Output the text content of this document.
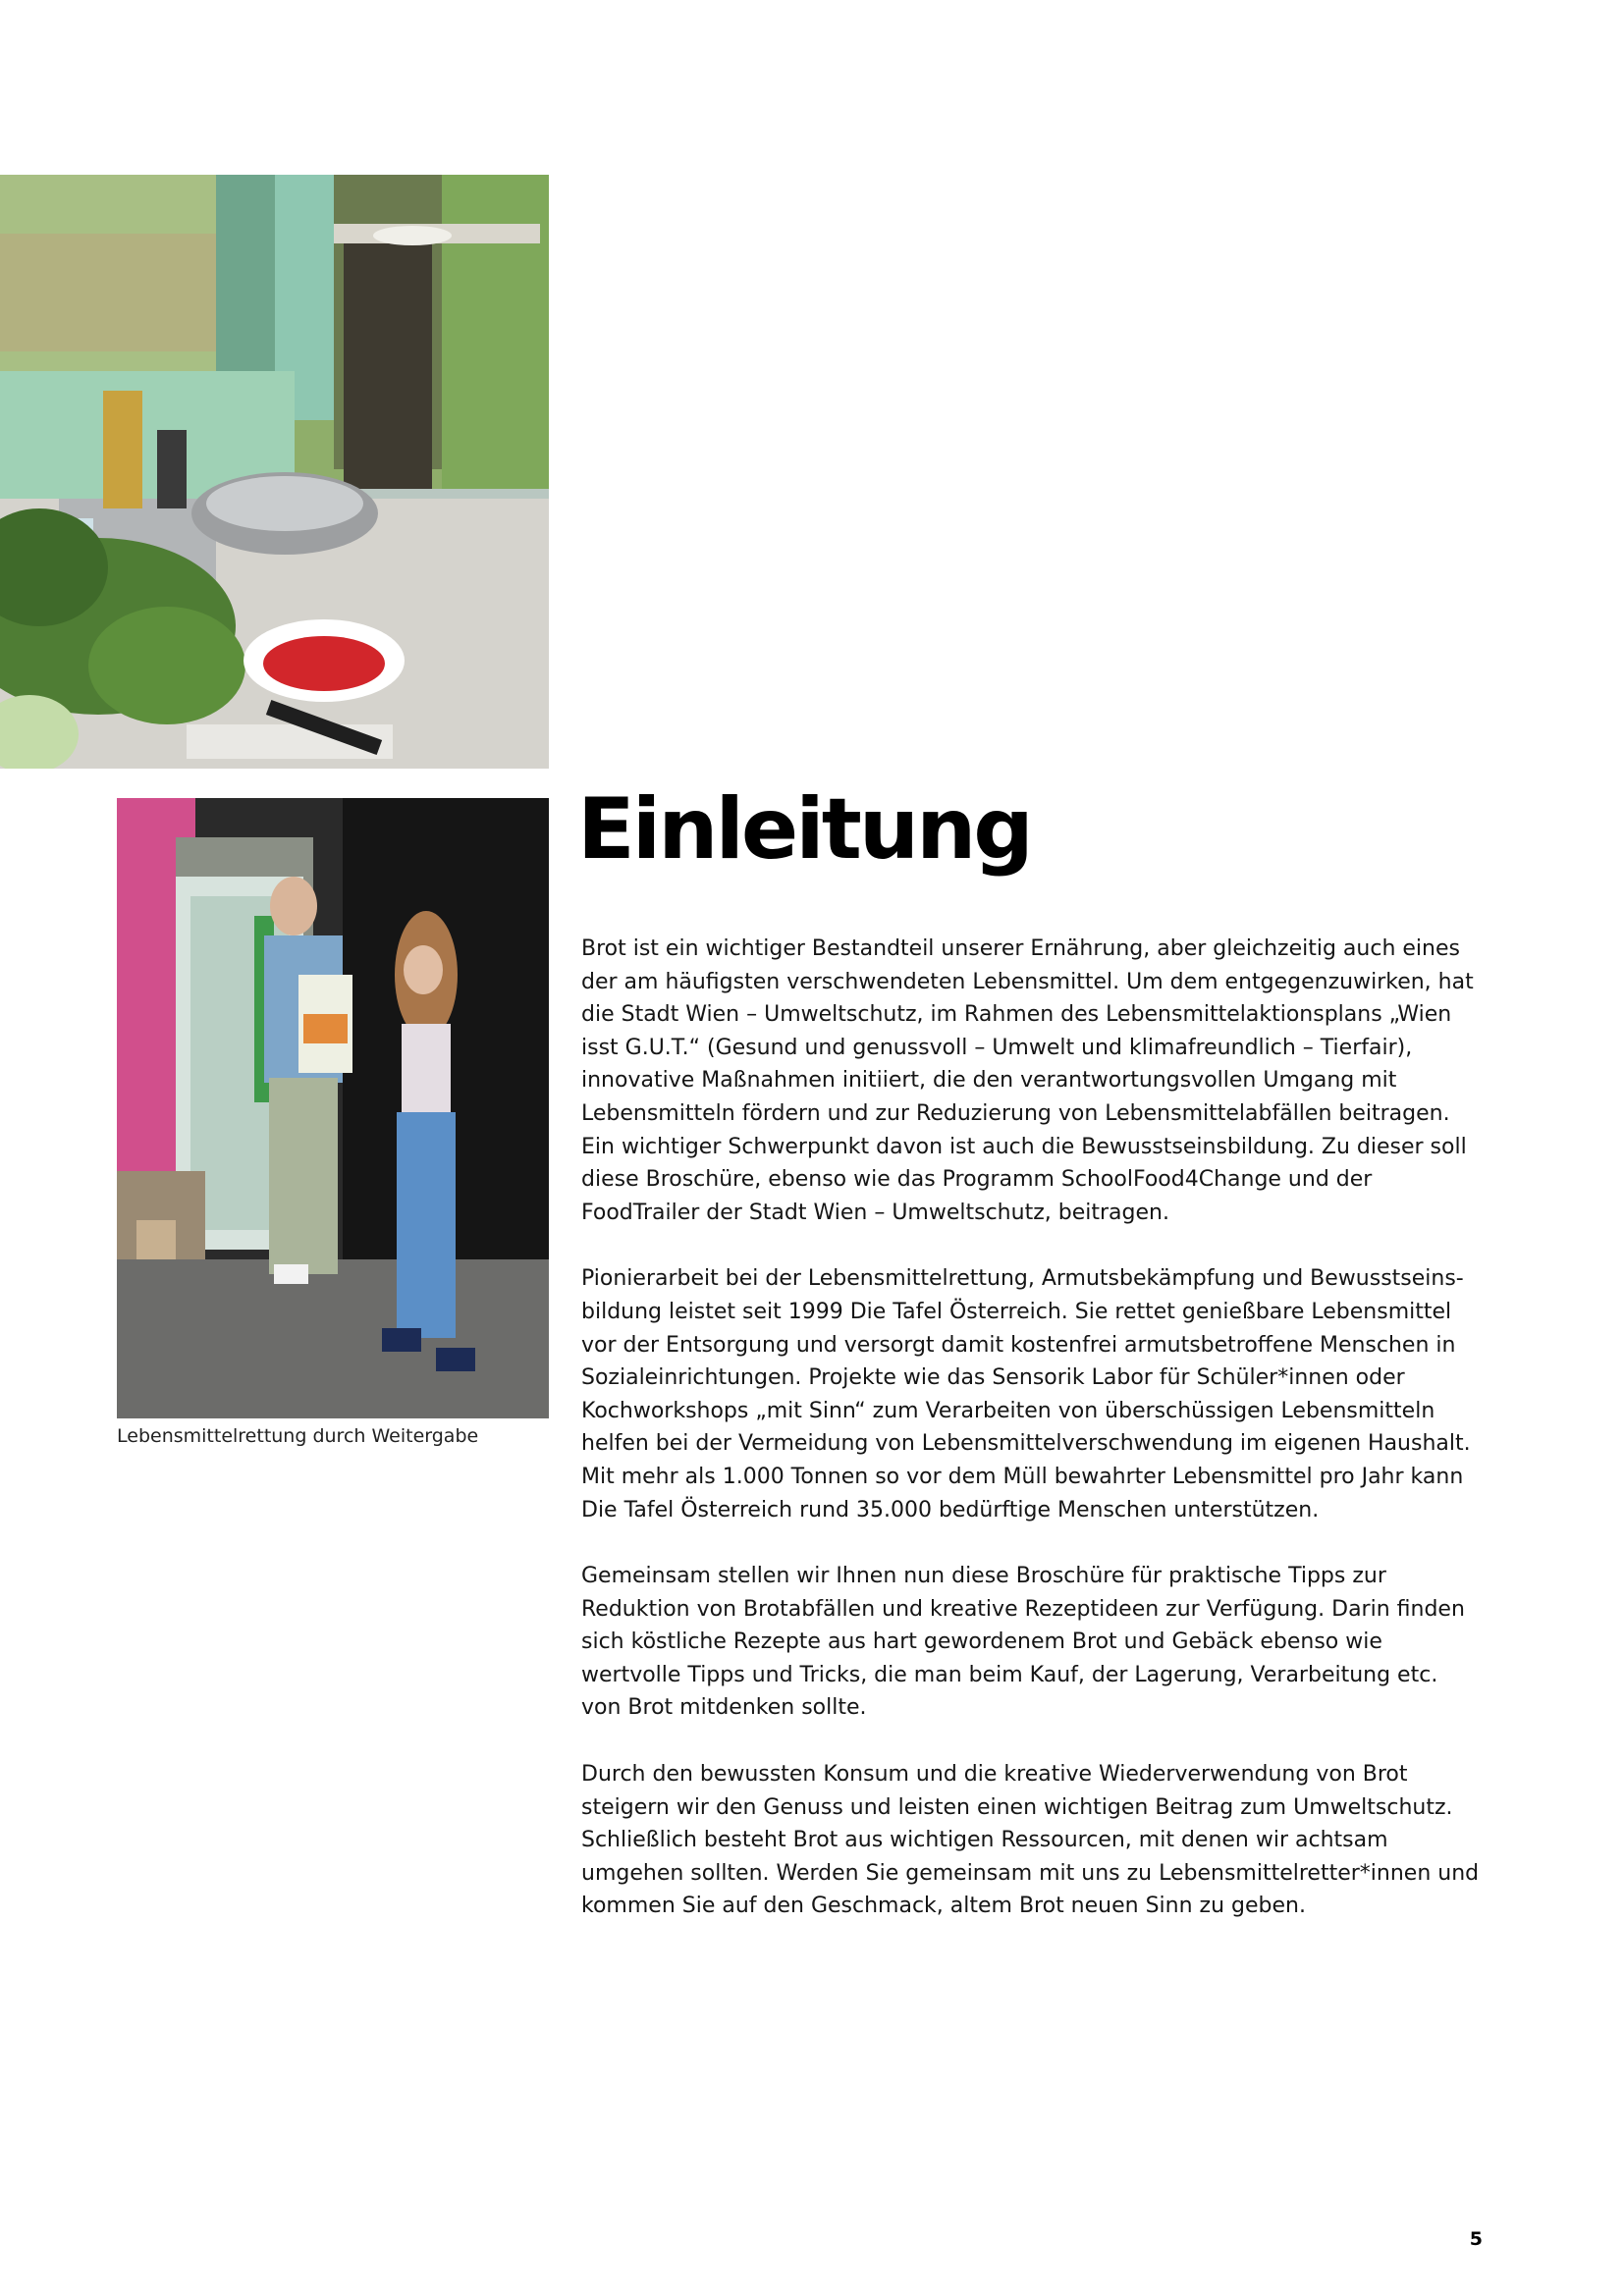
Lebensmittelrettung durch Weitergabe
Einleitung

Brot ist ein wichtiger Bestandteil unserer Ernährung, aber gleichzeitig auch eines
der am häufigsten verschwendeten Lebensmittel. Um dem entgegenzuwirken, hat
die Stadt Wien – Umweltschutz, im Rahmen des Lebensmittelaktionsplans „Wien
isst G.U.T.“ (Gesund und genussvoll – Umwelt und klimafreundlich – Tierfair),
innovative Maßnahmen initiiert, die den verantwortungsvollen Umgang mit
Lebensmitteln fördern und zur Reduzierung von Lebensmittelabfällen beitragen.
Ein wichtiger Schwerpunkt davon ist auch die Bewusstseinsbildung. Zu dieser soll
diese Broschüre, ebenso wie das Programm SchoolFood4Change und der
FoodTrailer der Stadt Wien – Umweltschutz, beitragen.

Pionierarbeit bei der Lebensmittelrettung, Armutsbekämpfung und Bewusstseins-
bildung leistet seit 1999 Die Tafel Österreich. Sie rettet genießbare Lebensmittel
vor der Entsorgung und versorgt damit kostenfrei armutsbetroffene Menschen in
Sozialeinrichtungen. Projekte wie das Sensorik Labor für Schüler*innen oder
Kochworkshops „mit Sinn“ zum Verarbeiten von überschüssigen Lebensmitteln
helfen bei der Vermeidung von Lebensmittelverschwendung im eigenen Haushalt.
Mit mehr als 1.000 Tonnen so vor dem Müll bewahrter Lebensmittel pro Jahr kann
Die Tafel Österreich rund 35.000 bedürftige Menschen unterstützen.

Gemeinsam stellen wir Ihnen nun diese Broschüre für praktische Tipps zur
Reduktion von Brotabfällen und kreative Rezeptideen zur Verfügung. Darin finden
sich köstliche Rezepte aus hart gewordenem Brot und Gebäck ebenso wie
wertvolle Tipps und Tricks, die man beim Kauf, der Lagerung, Verarbeitung etc.
von Brot mitdenken sollte.

Durch den bewussten Konsum und die kreative Wiederverwendung von Brot
steigern wir den Genuss und leisten einen wichtigen Beitrag zum Umweltschutz.
Schließlich besteht Brot aus wichtigen Ressourcen, mit denen wir achtsam
umgehen sollten. Werden Sie gemeinsam mit uns zu Lebensmittelretter*innen und
kommen Sie auf den Geschmack, altem Brot neuen Sinn zu geben.

5
